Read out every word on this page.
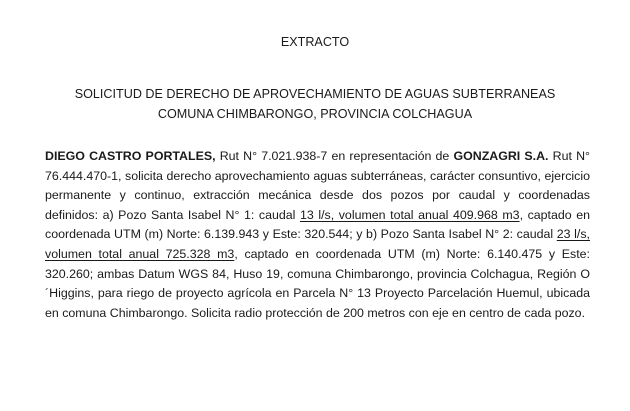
EXTRACTO
SOLICITUD DE DERECHO DE APROVECHAMIENTO DE AGUAS SUBTERRANEAS
COMUNA CHIMBARONGO, PROVINCIA COLCHAGUA

DIEGO CASTRO PORTALES, Rut N° 7.021.938-7 en representación de GONZAGRI S.A. Rut N° 76.444.470-1, solicita derecho aprovechamiento aguas subterráneas, carácter consuntivo, ejercicio permanente y continuo, extracción mecánica desde dos pozos por caudal y coordenadas definidos: a) Pozo Santa Isabel N° 1: caudal 13 l/s, volumen total anual 409.968 m3, captado en coordenada UTM (m) Norte: 6.139.943 y Este: 320.544; y b) Pozo Santa Isabel N° 2: caudal 23 l/s, volumen total anual 725.328 m3, captado en coordenada UTM (m) Norte: 6.140.475 y Este: 320.260; ambas Datum WGS 84, Huso 19, comuna Chimbarongo, provincia Colchagua, Región O´Higgins, para riego de proyecto agrícola en Parcela N° 13 Proyecto Parcelación Huemul, ubicada en comuna Chimbarongo. Solicita radio protección de 200 metros con eje en centro de cada pozo.
